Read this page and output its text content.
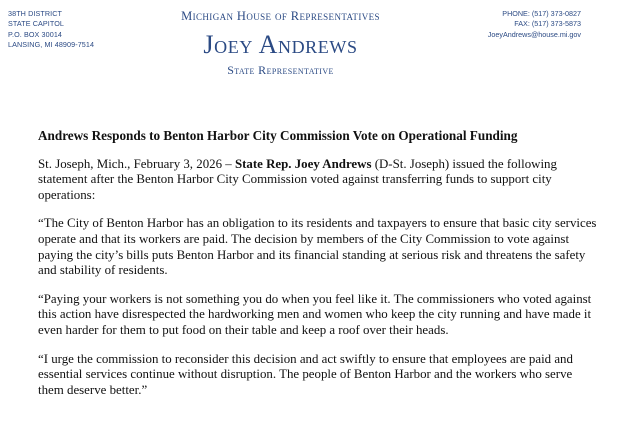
38TH DISTRICT
STATE CAPITOL
P.O. BOX 30014
LANSING, MI 48909-7514
Michigan House of Representatives
Joey Andrews
State Representative
PHONE: (517) 373-0827
FAX: (517) 373-5873
JoeyAndrews@house.mi.gov

Andrews Responds to Benton Harbor City Commission Vote on Operational Funding

St. Joseph, Mich., February 3, 2026 – State Rep. Joey Andrews (D-St. Joseph) issued the following statement after the Benton Harbor City Commission voted against transferring funds to support city operations:

“The City of Benton Harbor has an obligation to its residents and taxpayers to ensure that basic city services operate and that its workers are paid. The decision by members of the City Commission to vote against paying the city’s bills puts Benton Harbor and its financial standing at serious risk and threatens the safety and stability of residents.

“Paying your workers is not something you do when you feel like it. The commissioners who voted against this action have disrespected the hardworking men and women who keep the city running and have made it even harder for them to put food on their table and keep a roof over their heads.

“I urge the commission to reconsider this decision and act swiftly to ensure that employees are paid and essential services continue without disruption. The people of Benton Harbor and the workers who serve them deserve better.”
